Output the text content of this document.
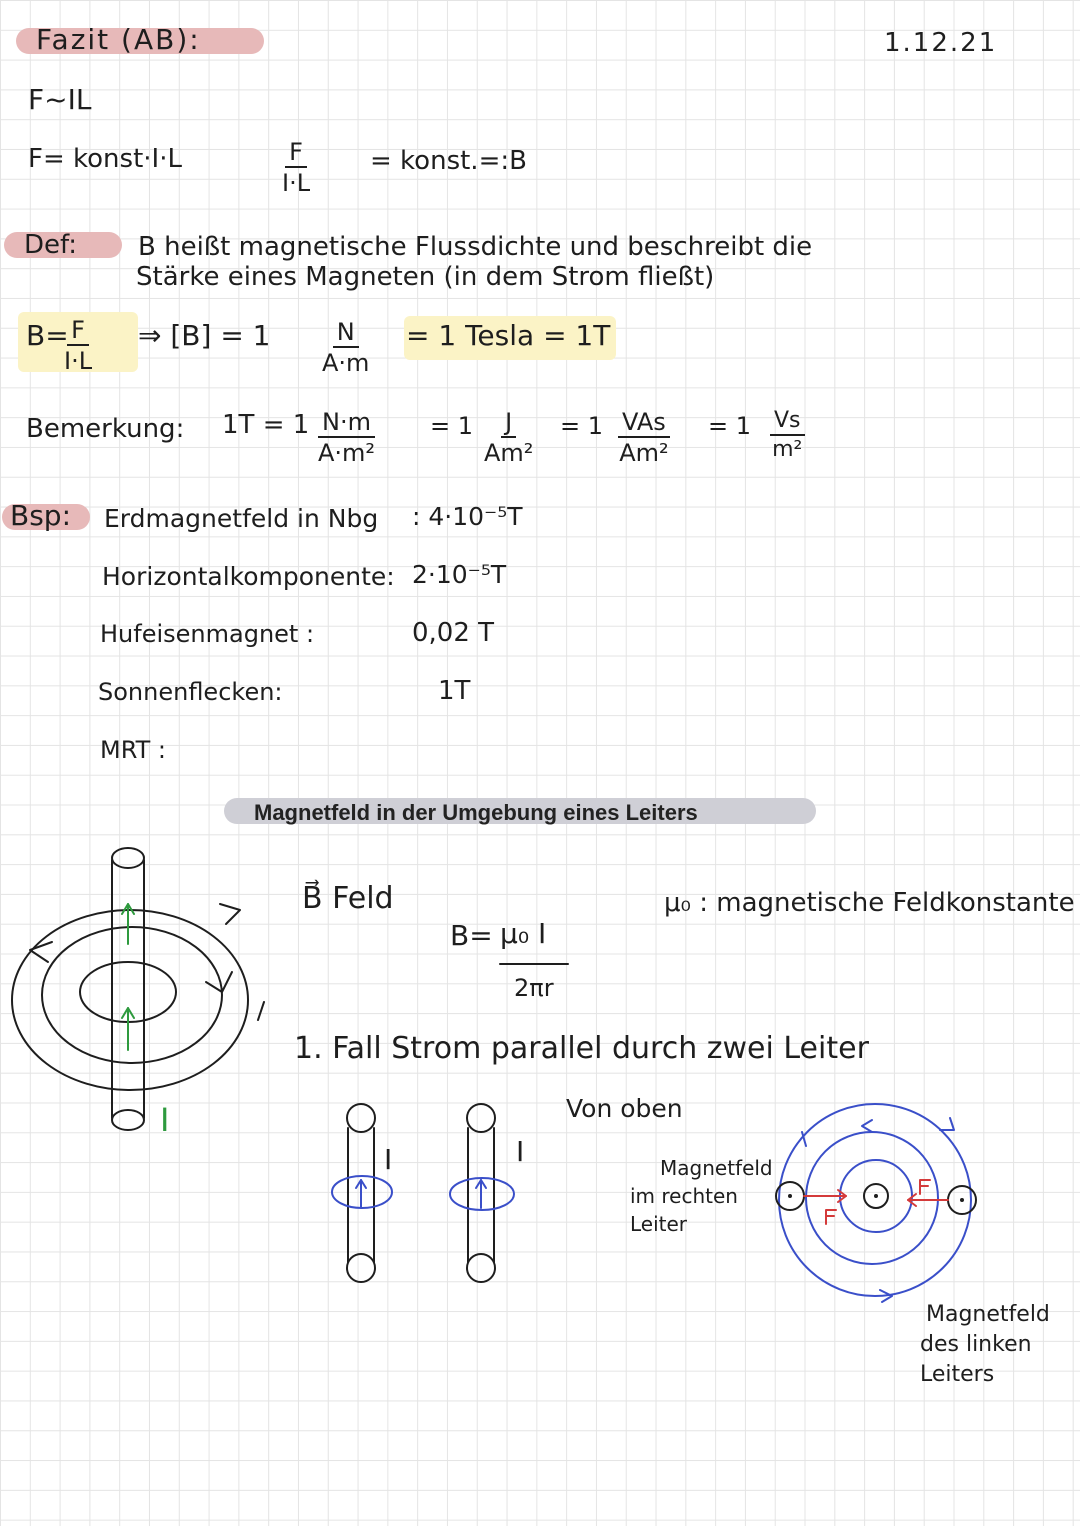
Fazit (AB):	1.12.21
F~IL
F= konst·I·L	$\frac{F}{I\cdot L}$ = konst.=:B
Def: B heißt magnetische Flussdichte und beschreibt die
Stärke eines Magneten (in dem Strom fließt)
B=
$\frac{F}{I\cdot L}$ ⇒ $[B] = 1 \frac{N}{A\cdot m} = 1$ Tesla = 1T
Bemerkung: $1T = 1 \frac{N\cdot m}{\text{A·m²}} = 1 \frac{J}{\text{Am²}} = 1$ VAs
Am²
= $1 \frac{Vs}{\text{m²}}$
Bsp: Erdmagnetfeld in Nbg : 4·10⁻⁵T
Horizontalkomponente: 2·10⁻⁵T
Hufeisenmagnet :	0,02 T
Sonnenflecken:	1T
MRT :
Magnetfeld in der Umgebung eines Leiters
B⃗ Feld
B= μ₀ I
2πr
μ₀ : magnetische Feldkonstante
I
1. Fall Strom parallel durch zwei Leiter
Von oben
I	I	Magnetfeld
im rechten
Leiter
Magnetfeld
des linken
Leiters
